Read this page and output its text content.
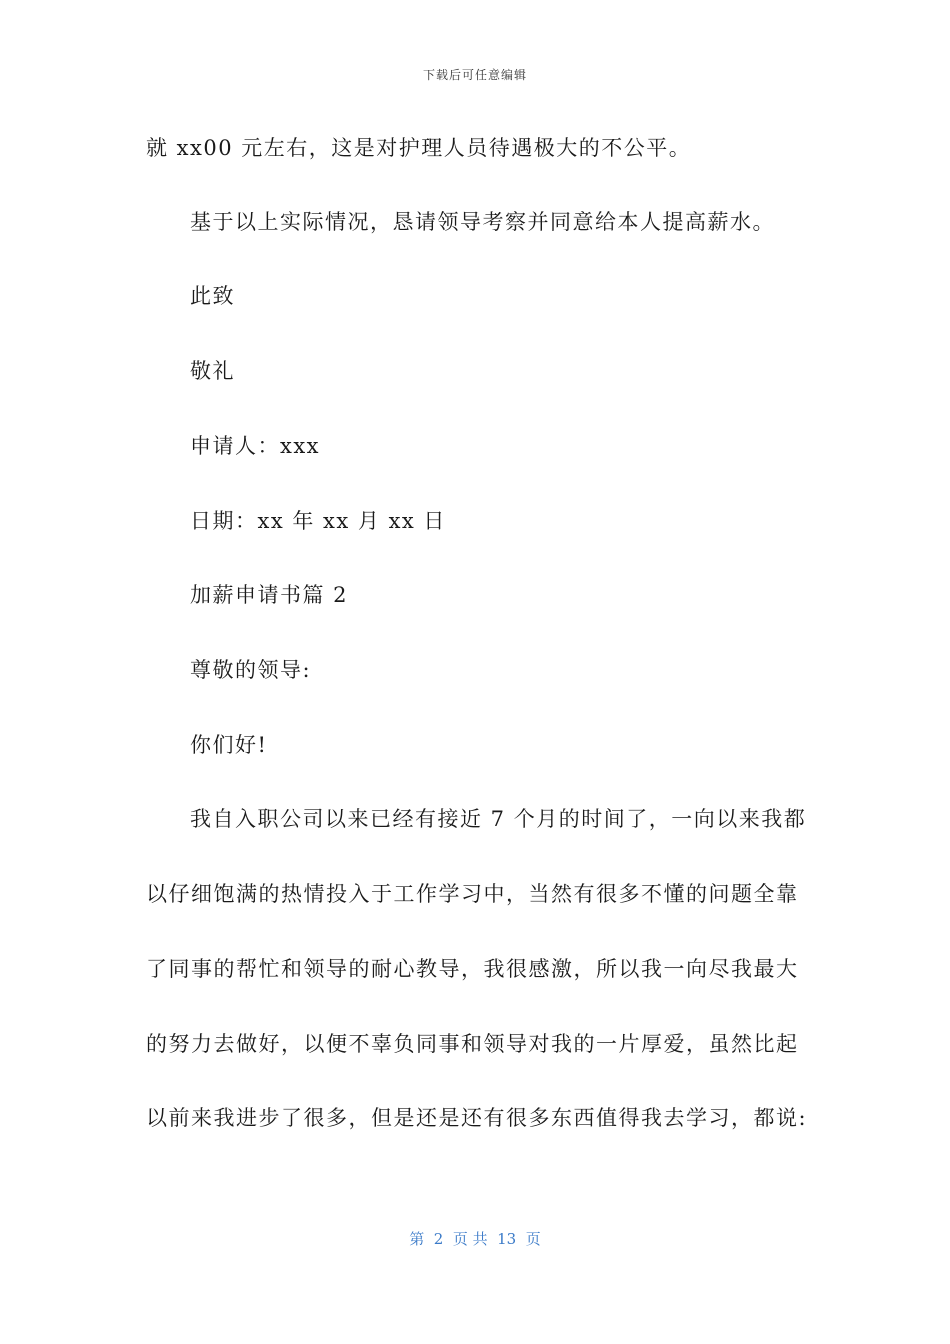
下载后可任意编辑
就 xx00 元左右，这是对护理人员待遇极大的不公平。
基于以上实际情况，恳请领导考察并同意给本人提高薪水。
此致
敬礼
申请人：xxx
日期：xx 年 xx 月 xx 日
加薪申请书篇 2
尊敬的领导:
你们好!
我自入职公司以来已经有接近 7 个月的时间了，一向以来我都
以仔细饱满的热情投入于工作学习中，当然有很多不懂的问题全靠
了同事的帮忙和领导的耐心教导，我很感激，所以我一向尽我最大
的努力去做好，以便不辜负同事和领导对我的一片厚爱，虽然比起
以前来我进步了很多，但是还是还有很多东西值得我去学习，都说:
第  2  页 共  13  页
